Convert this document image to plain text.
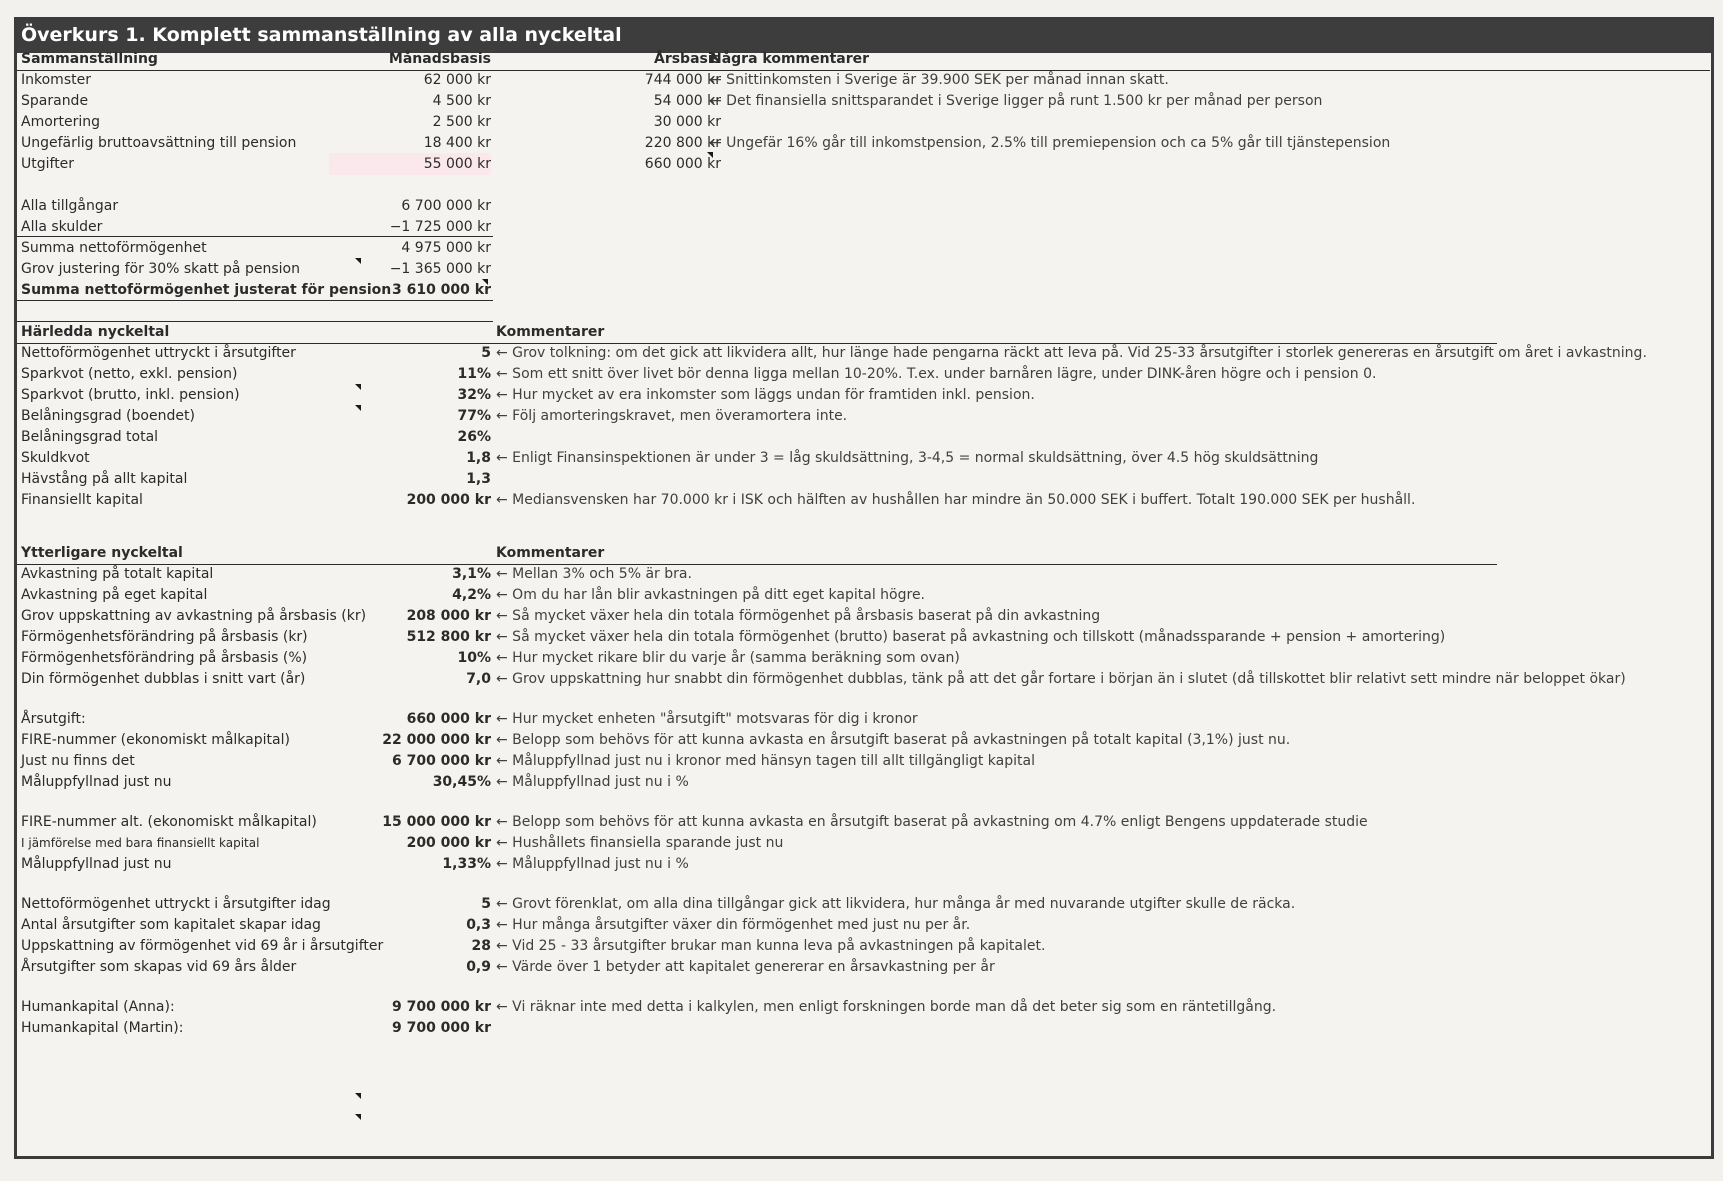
Överkurs 1. Komplett sammanställning av alla nyckeltal
Sammanställning	Månadsbasis	Årsbasis
Några kommentarer
Inkomster	62 000 kr	744 000 kr
← Snittinkomsten i Sverige är 39.900 SEK per månad innan skatt.
Sparande	4 500 kr	54 000 kr
← Det finansiella snittsparandet i Sverige ligger på runt 1.500 kr per månad per person
Amortering	2 500 kr	30 000 kr
Ungefärlig bruttoavsättning till pension	18 400 kr	220 800 kr
← Ungefär 16% går till inkomstpension, 2.5% till premiepension och ca 5% går till tjänstepension
Utgifter	55 000 kr	660 000 kr
Alla tillgångar	6 700 000 kr
Alla skulder	−1 725 000 kr
Summa nettoförmögenhet	4 975 000 kr
Grov justering för 30% skatt på pension	−1 365 000 kr
Summa nettoförmögenhet justerat för pension 3 610 000 kr
Härledda nyckeltal	Kommentarer
Nettoförmögenhet uttryckt i årsutgifter	5 ← Grov tolkning: om det gick att likvidera allt, hur länge hade pengarna räckt att leva på. Vid 25-33 årsutgifter i storlek genereras en årsutgift om året i avkastning.
Sparkvot (netto, exkl. pension)	11% ← Som ett snitt över livet bör denna ligga mellan 10-20%. T.ex. under barnåren lägre, under DINK-åren högre och i pension 0.
Sparkvot (brutto, inkl. pension)	32% ← Hur mycket av era inkomster som läggs undan för framtiden inkl. pension.
Belåningsgrad (boendet)	77% ← Följ amorteringskravet, men överamortera inte.
Belåningsgrad total	26%
Skuldkvot	1,8 ← Enligt Finansinspektionen är under 3 = låg skuldsättning, 3-4,5 = normal skuldsättning, över 4.5 hög skuldsättning
Hävstång på allt kapital	1,3
Finansiellt kapital	200 000 kr ← Mediansvensken har 70.000 kr i ISK och hälften av hushållen har mindre än 50.000 SEK i buffert. Totalt 190.000 SEK per hushåll.
Ytterligare nyckeltal	Kommentarer
Avkastning på totalt kapital	3,1% ← Mellan 3% och 5% är bra.
Avkastning på eget kapital	4,2% ← Om du har lån blir avkastningen på ditt eget kapital högre.
Grov uppskattning av avkastning på årsbasis (kr)	208 000 kr ← Så mycket växer hela din totala förmögenhet på årsbasis baserat på din avkastning
Förmögenhetsförändring på årsbasis (kr)	512 800 kr ← Så mycket växer hela din totala förmögenhet (brutto) baserat på avkastning och tillskott (månadssparande + pension + amortering)
Förmögenhetsförändring på årsbasis (%)	10% ← Hur mycket rikare blir du varje år (samma beräkning som ovan)
Din förmögenhet dubblas i snitt vart (år)	7,0 ← Grov uppskattning hur snabbt din förmögenhet dubblas, tänk på att det går fortare i början än i slutet (då tillskottet blir relativt sett mindre när beloppet ökar)
Årsutgift:	660 000 kr ← Hur mycket enheten "årsutgift" motsvaras för dig i kronor
FIRE-nummer (ekonomiskt målkapital)	22 000 000 kr ← Belopp som behövs för att kunna avkasta en årsutgift baserat på avkastningen på totalt kapital (3,1%) just nu.
Just nu finns det	6 700 000 kr ← Måluppfyllnad just nu i kronor med hänsyn tagen till allt tillgängligt kapital
Måluppfyllnad just nu	30,45% ← Måluppfyllnad just nu i %
FIRE-nummer alt. (ekonomiskt målkapital)	15 000 000 kr ← Belopp som behövs för att kunna avkasta en årsutgift baserat på avkastning om 4.7% enligt Bengens uppdaterade studie
I jämförelse med bara finansiellt kapital	200 000 kr ← Hushållets finansiella sparande just nu
Måluppfyllnad just nu	1,33% ← Måluppfyllnad just nu i %
Nettoförmögenhet uttryckt i årsutgifter idag	5 ← Grovt förenklat, om alla dina tillgångar gick att likvidera, hur många år med nuvarande utgifter skulle de räcka.
Antal årsutgifter som kapitalet skapar idag	0,3 ← Hur många årsutgifter växer din förmögenhet med just nu per år.
Uppskattning av förmögenhet vid 69 år i årsutgifter	28 ← Vid 25 - 33 årsutgifter brukar man kunna leva på avkastningen på kapitalet.
Årsutgifter som skapas vid 69 års ålder	0,9 ← Värde över 1 betyder att kapitalet genererar en årsavkastning per år
Humankapital (Anna):	9 700 000 kr ← Vi räknar inte med detta i kalkylen, men enligt forskningen borde man då det beter sig som en räntetillgång.
Humankapital (Martin):	9 700 000 kr
